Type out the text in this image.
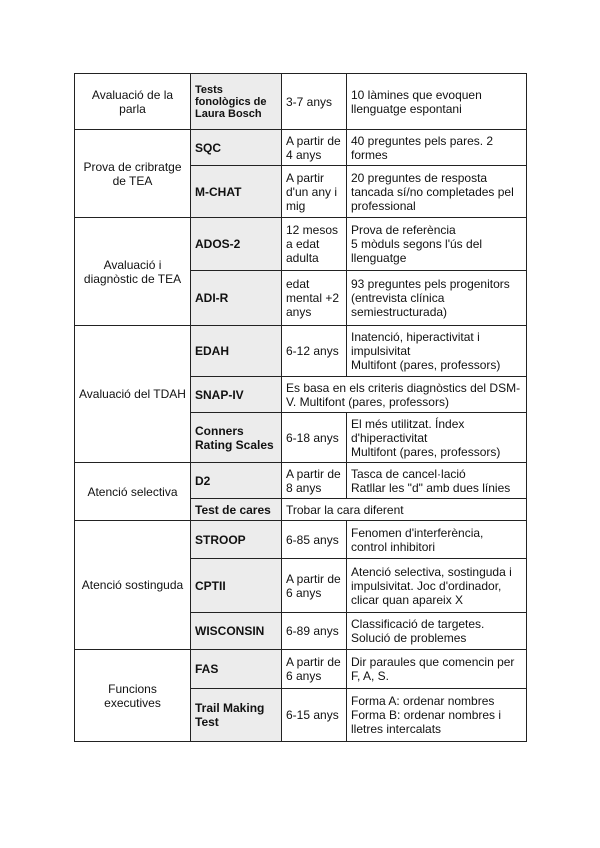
Avaluació de la parla	Tests fonològics de Laura Bosch	3-7 anys	10 làmines que evoquen llenguatge espontani
Prova de cribratge de TEA	SQC	A partir de 4 anys	40 preguntes pels pares. 2 formes
	M-CHAT	A partir d'un any i mig	20 preguntes de resposta tancada sí/no completades pel professional
Avaluació i diagnòstic de TEA	ADOS-2	12 mesos a edat adulta	Prova de referència
5 mòduls segons l'ús del llenguatge
	ADI-R	edat mental +2 anys	93 preguntes pels progenitors (entrevista clínica semiestructurada)
Avaluació del TDAH	EDAH	6-12 anys	Inatenció, hiperactivitat i impulsivitat
Multifont (pares, professors)
	SNAP-IV	Es basa en els criteris diagnòstics del DSM-V. Multifont (pares, professors)	
	Conners Rating Scales	6-18 anys	El més utilitzat. Índex d'hiperactivitat
Multifont (pares, professors)
Atenció selectiva	D2	A partir de 8 anys	Tasca de cancel·lació
Ratllar les "d" amb dues línies
	Test de cares	Trobar la cara diferent	
Atenció sostinguda	STROOP	6-85 anys	Fenomen d'interferència, control inhibitori
	CPTII	A partir de 6 anys	Atenció selectiva, sostinguda i impulsivitat. Joc d'ordinador, clicar quan apareix X
	WISCONSIN	6-89 anys	Classificació de targetes.
Solució de problemes
Funcions executives	FAS	A partir de 6 anys	Dir paraules que comencin per F, A, S.
	Trail Making Test	6-15 anys	Forma A: ordenar nombres
Forma B: ordenar nombres i lletres intercalats
